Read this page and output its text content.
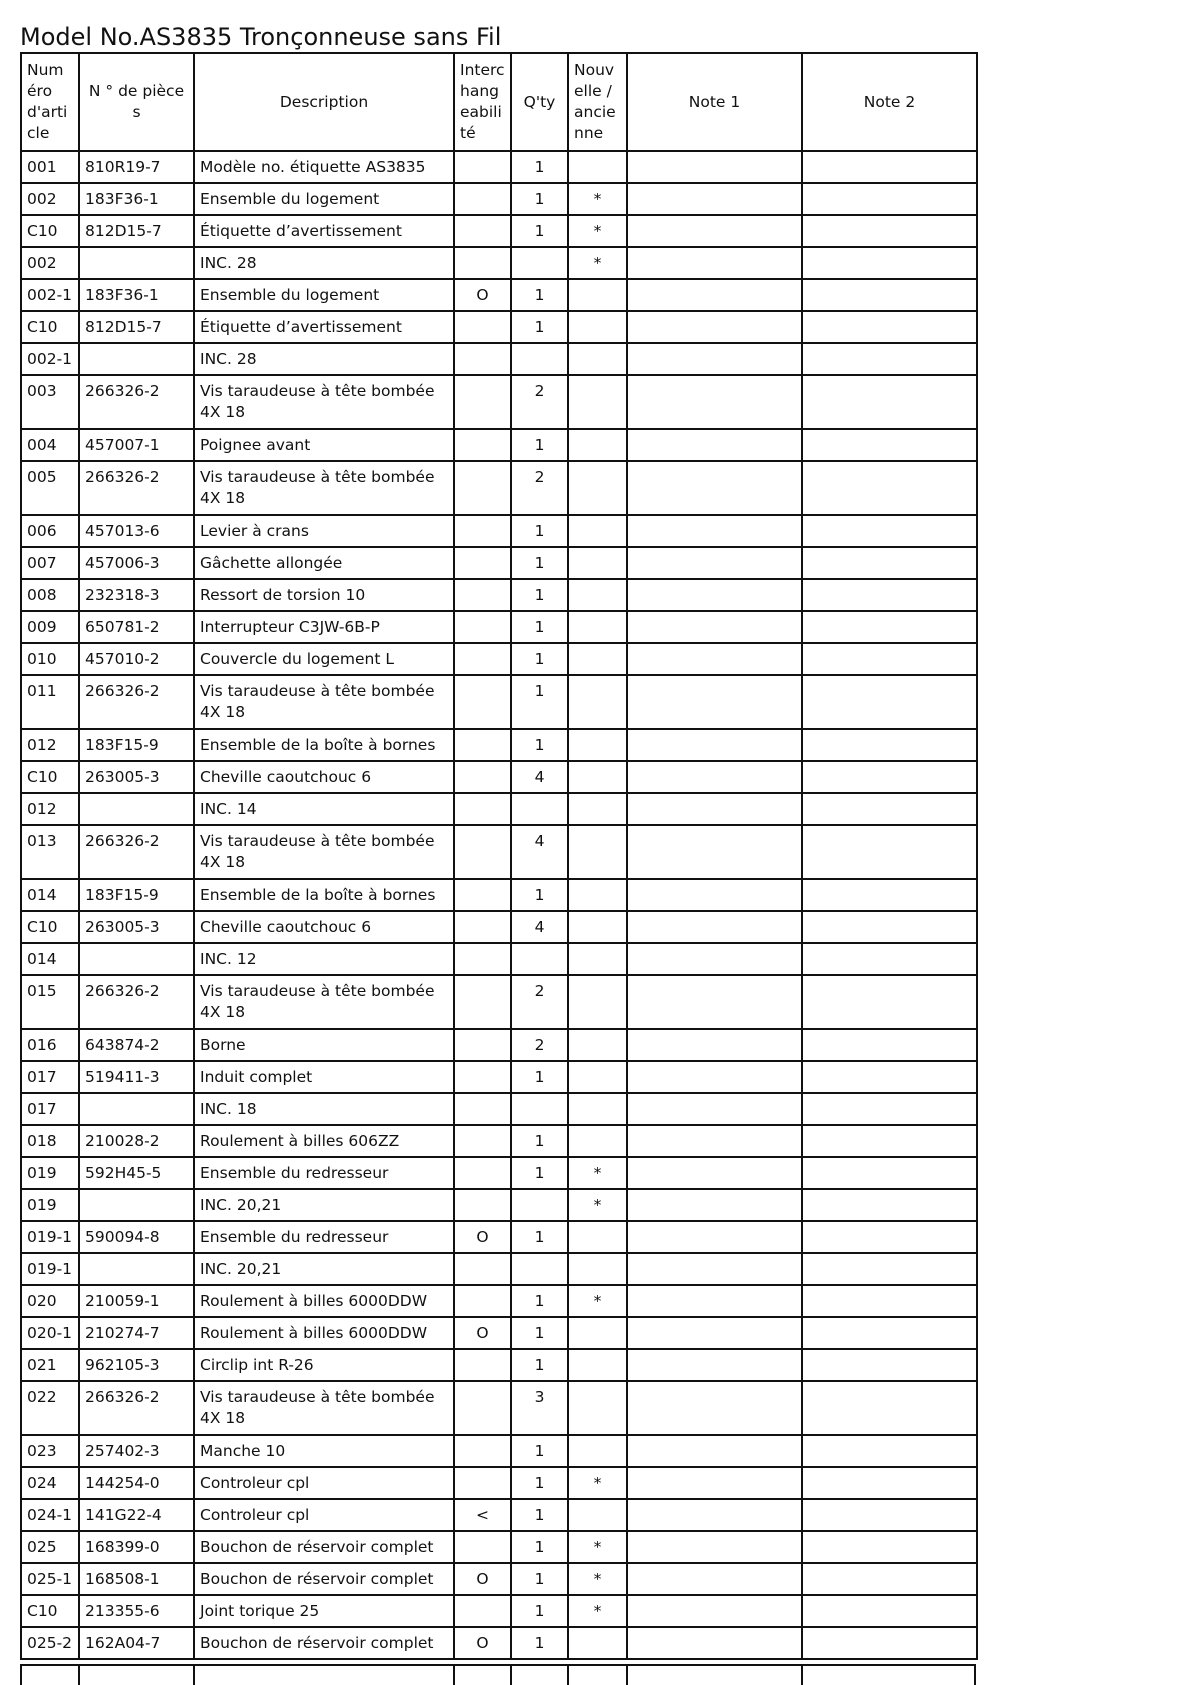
Model No.AS3835 Tronçonneuse sans Fil
Numéro d'article	N ° de pièces	Description	Interchangeabilité	Q'ty	Nouvelle / ancienne	Note 1	Note 2
001	810R19-7	Modèle no. étiquette AS3835		1			
002	183F36-1	Ensemble du logement		1	*		
C10	812D15-7	Étiquette d’avertissement		1	*		
002		INC. 28			*		
002-1	183F36-1	Ensemble du logement	O	1			
C10	812D15-7	Étiquette d’avertissement		1			
002-1		INC. 28					
003	266326-2	Vis taraudeuse à tête bombée 4X 18		2			
004	457007-1	Poignee avant		1			
005	266326-2	Vis taraudeuse à tête bombée 4X 18		2			
006	457013-6	Levier à crans		1			
007	457006-3	Gâchette allongée		1			
008	232318-3	Ressort de torsion 10		1			
009	650781-2	Interrupteur C3JW-6B-P		1			
010	457010-2	Couvercle du logement L		1			
011	266326-2	Vis taraudeuse à tête bombée 4X 18		1			
012	183F15-9	Ensemble de la boîte à bornes		1			
C10	263005-3	Cheville caoutchouc 6		4			
012		INC. 14					
013	266326-2	Vis taraudeuse à tête bombée 4X 18		4			
014	183F15-9	Ensemble de la boîte à bornes		1			
C10	263005-3	Cheville caoutchouc 6		4			
014		INC. 12					
015	266326-2	Vis taraudeuse à tête bombée 4X 18		2			
016	643874-2	Borne		2			
017	519411-3	Induit complet		1			
017		INC. 18					
018	210028-2	Roulement à billes 606ZZ		1			
019	592H45-5	Ensemble du redresseur		1	*		
019		INC. 20,21			*		
019-1	590094-8	Ensemble du redresseur	O	1			
019-1		INC. 20,21					
020	210059-1	Roulement à billes 6000DDW		1	*		
020-1	210274-7	Roulement à billes 6000DDW	O	1			
021	962105-3	Circlip int R-26		1			
022	266326-2	Vis taraudeuse à tête bombée 4X 18		3			
023	257402-3	Manche 10		1			
024	144254-0	Controleur cpl		1	*		
024-1	141G22-4	Controleur cpl	<	1			
025	168399-0	Bouchon de réservoir complet		1	*		
025-1	168508-1	Bouchon de réservoir complet	O	1	*		
C10	213355-6	Joint torique 25		1	*		
025-2	162A04-7	Bouchon de réservoir complet	O	1			
